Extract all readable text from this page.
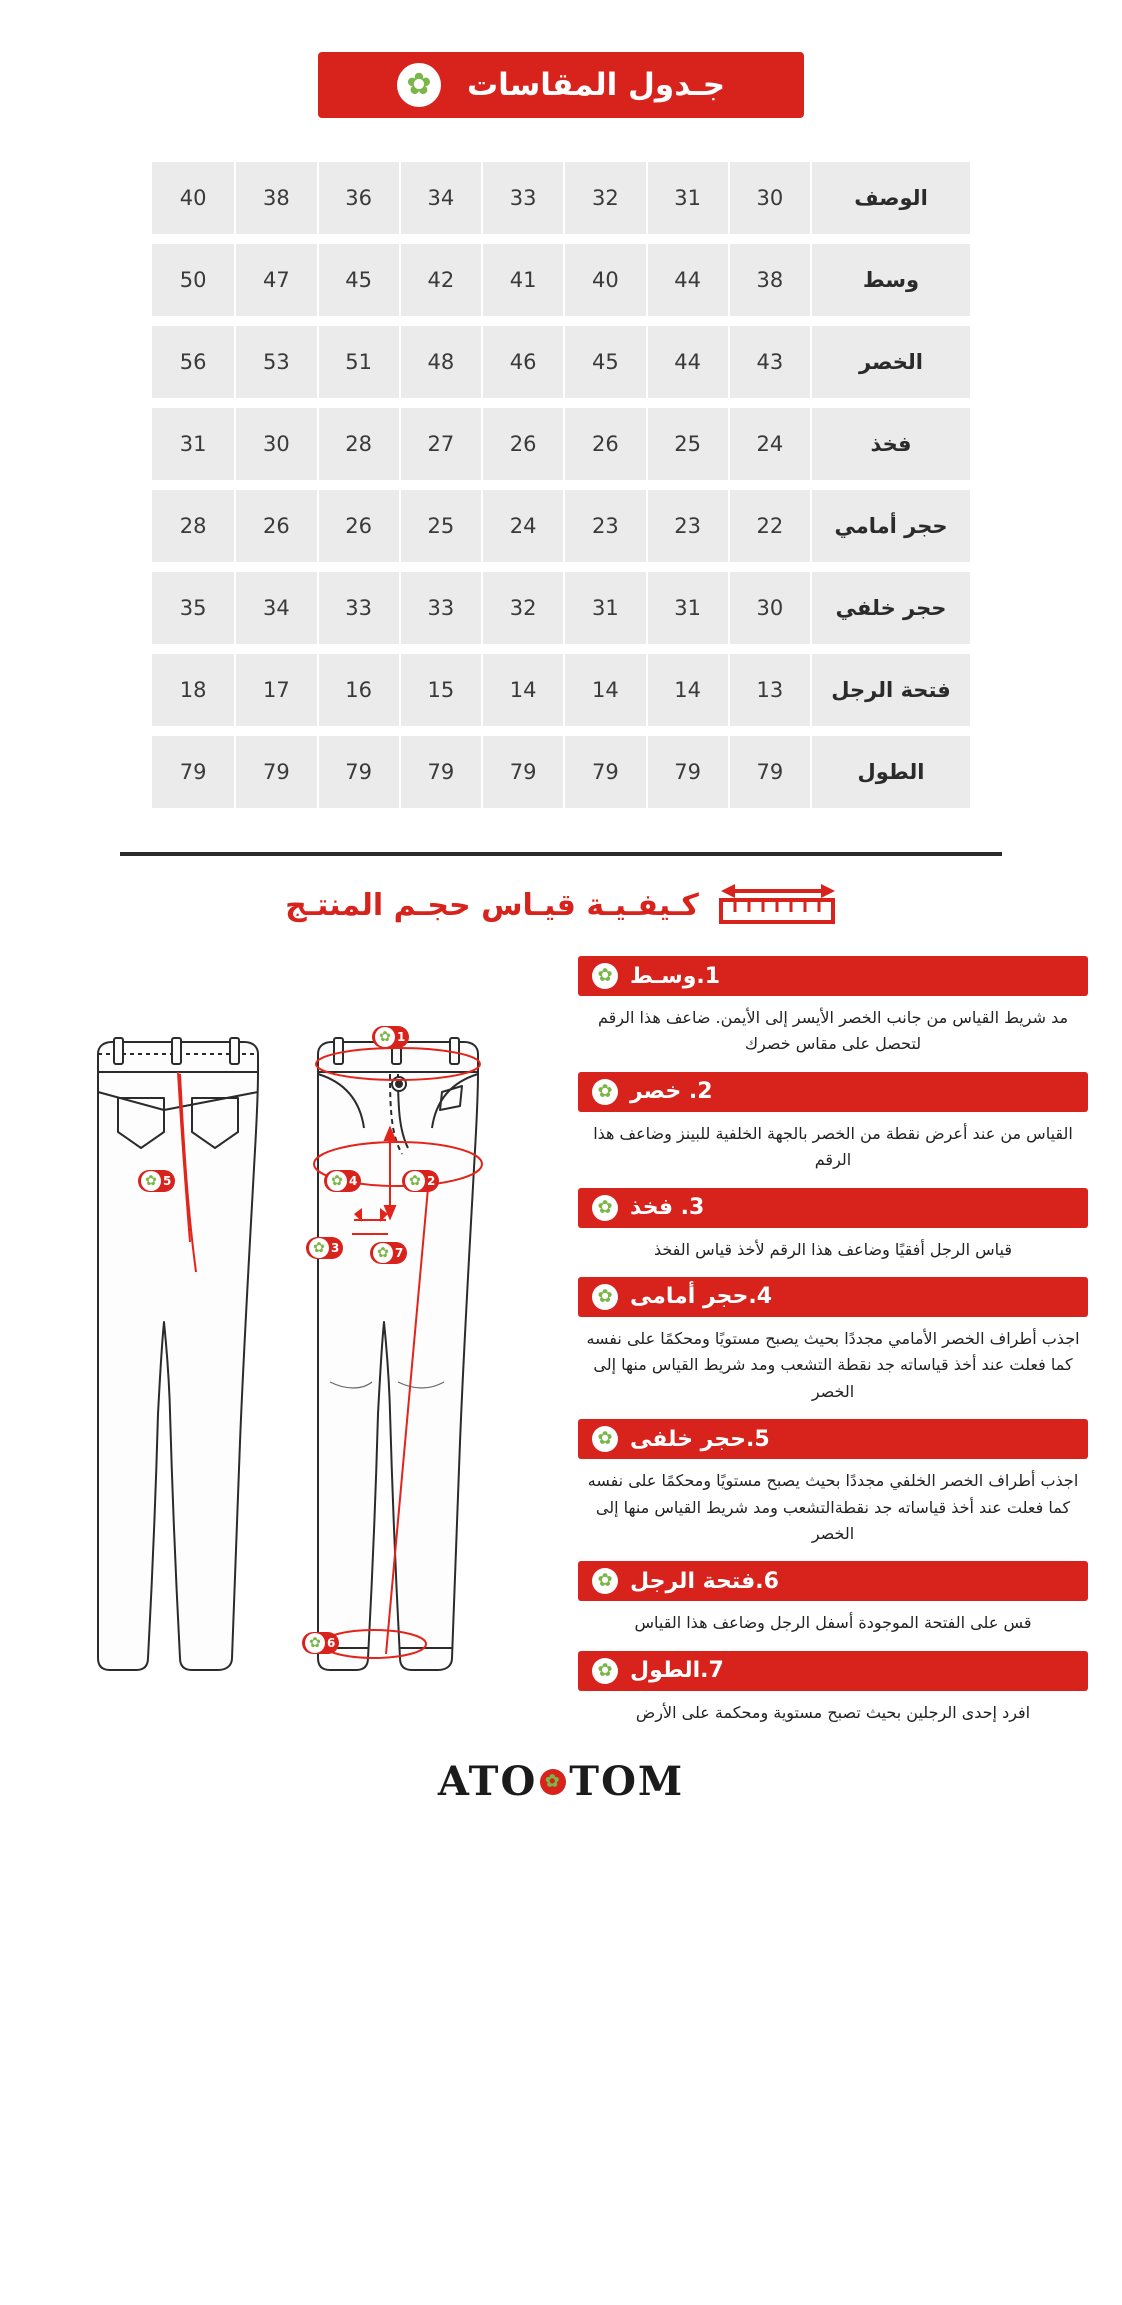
✿
جـدول المقاسات
الوصف	30	31	32	33	34	36	38	40
وسط	38	44	40	41	42	45	47	50
الخصر	43	44	45	46	48	51	53	56
فخذ	24	25	26	26	27	28	30	31
حجر أمامي	22	23	23	24	25	26	26	28
حجر خلفي	30	31	31	32	33	33	34	35
فتحة الرجل	13	14	14	14	15	16	17	18
الطول	79	79	79	79	79	79	79	79
كـيفـيـة قيـاس حجـم المنتـج
✿
1.وسـط
مد شريط القياس من جانب الخصر الأيسر إلى الأيمن. ضاعف هذا الرقم لتحصل على مقاس خصرك
✿
2. خصر
القياس من عند أعرض نقطة من الخصر بالجهة الخلفية للبينز وضاعف هذا الرقم
✿
3. فخذ
قياس الرجل أفقيًا وضاعف هذا الرقم لأخذ قياس الفخذ
✿
4.حجر أمامى
اجذب أطراف الخصر الأمامي مجددًا بحيث يصبح مستويًا ومحكمًا على نفسه كما فعلت عند أخذ قياساته جد نقطة التشعب ومد شريط القياس منها إلى الخصر
✿
5.حجر خلفى
اجذب أطراف الخصر الخلفي مجددًا بحيث يصبح مستويًا ومحكمًا على نفسه كما فعلت عند أخذ قياساته جد نقطةالتشعب ومد شريط القياس منها إلى الخصر
✿
6.فتحة الرجل
قس على الفتحة الموجودة أسفل الرجل وضاعف هذا القياس
✿
7.الطول
افرد إحدى الرجلين بحيث تصبح مستوية ومحكمة على الأرض
✿
1
✿
2
✿
3
✿
4
✿
5
✿
6
✿
7
TOM
✿
ATO
